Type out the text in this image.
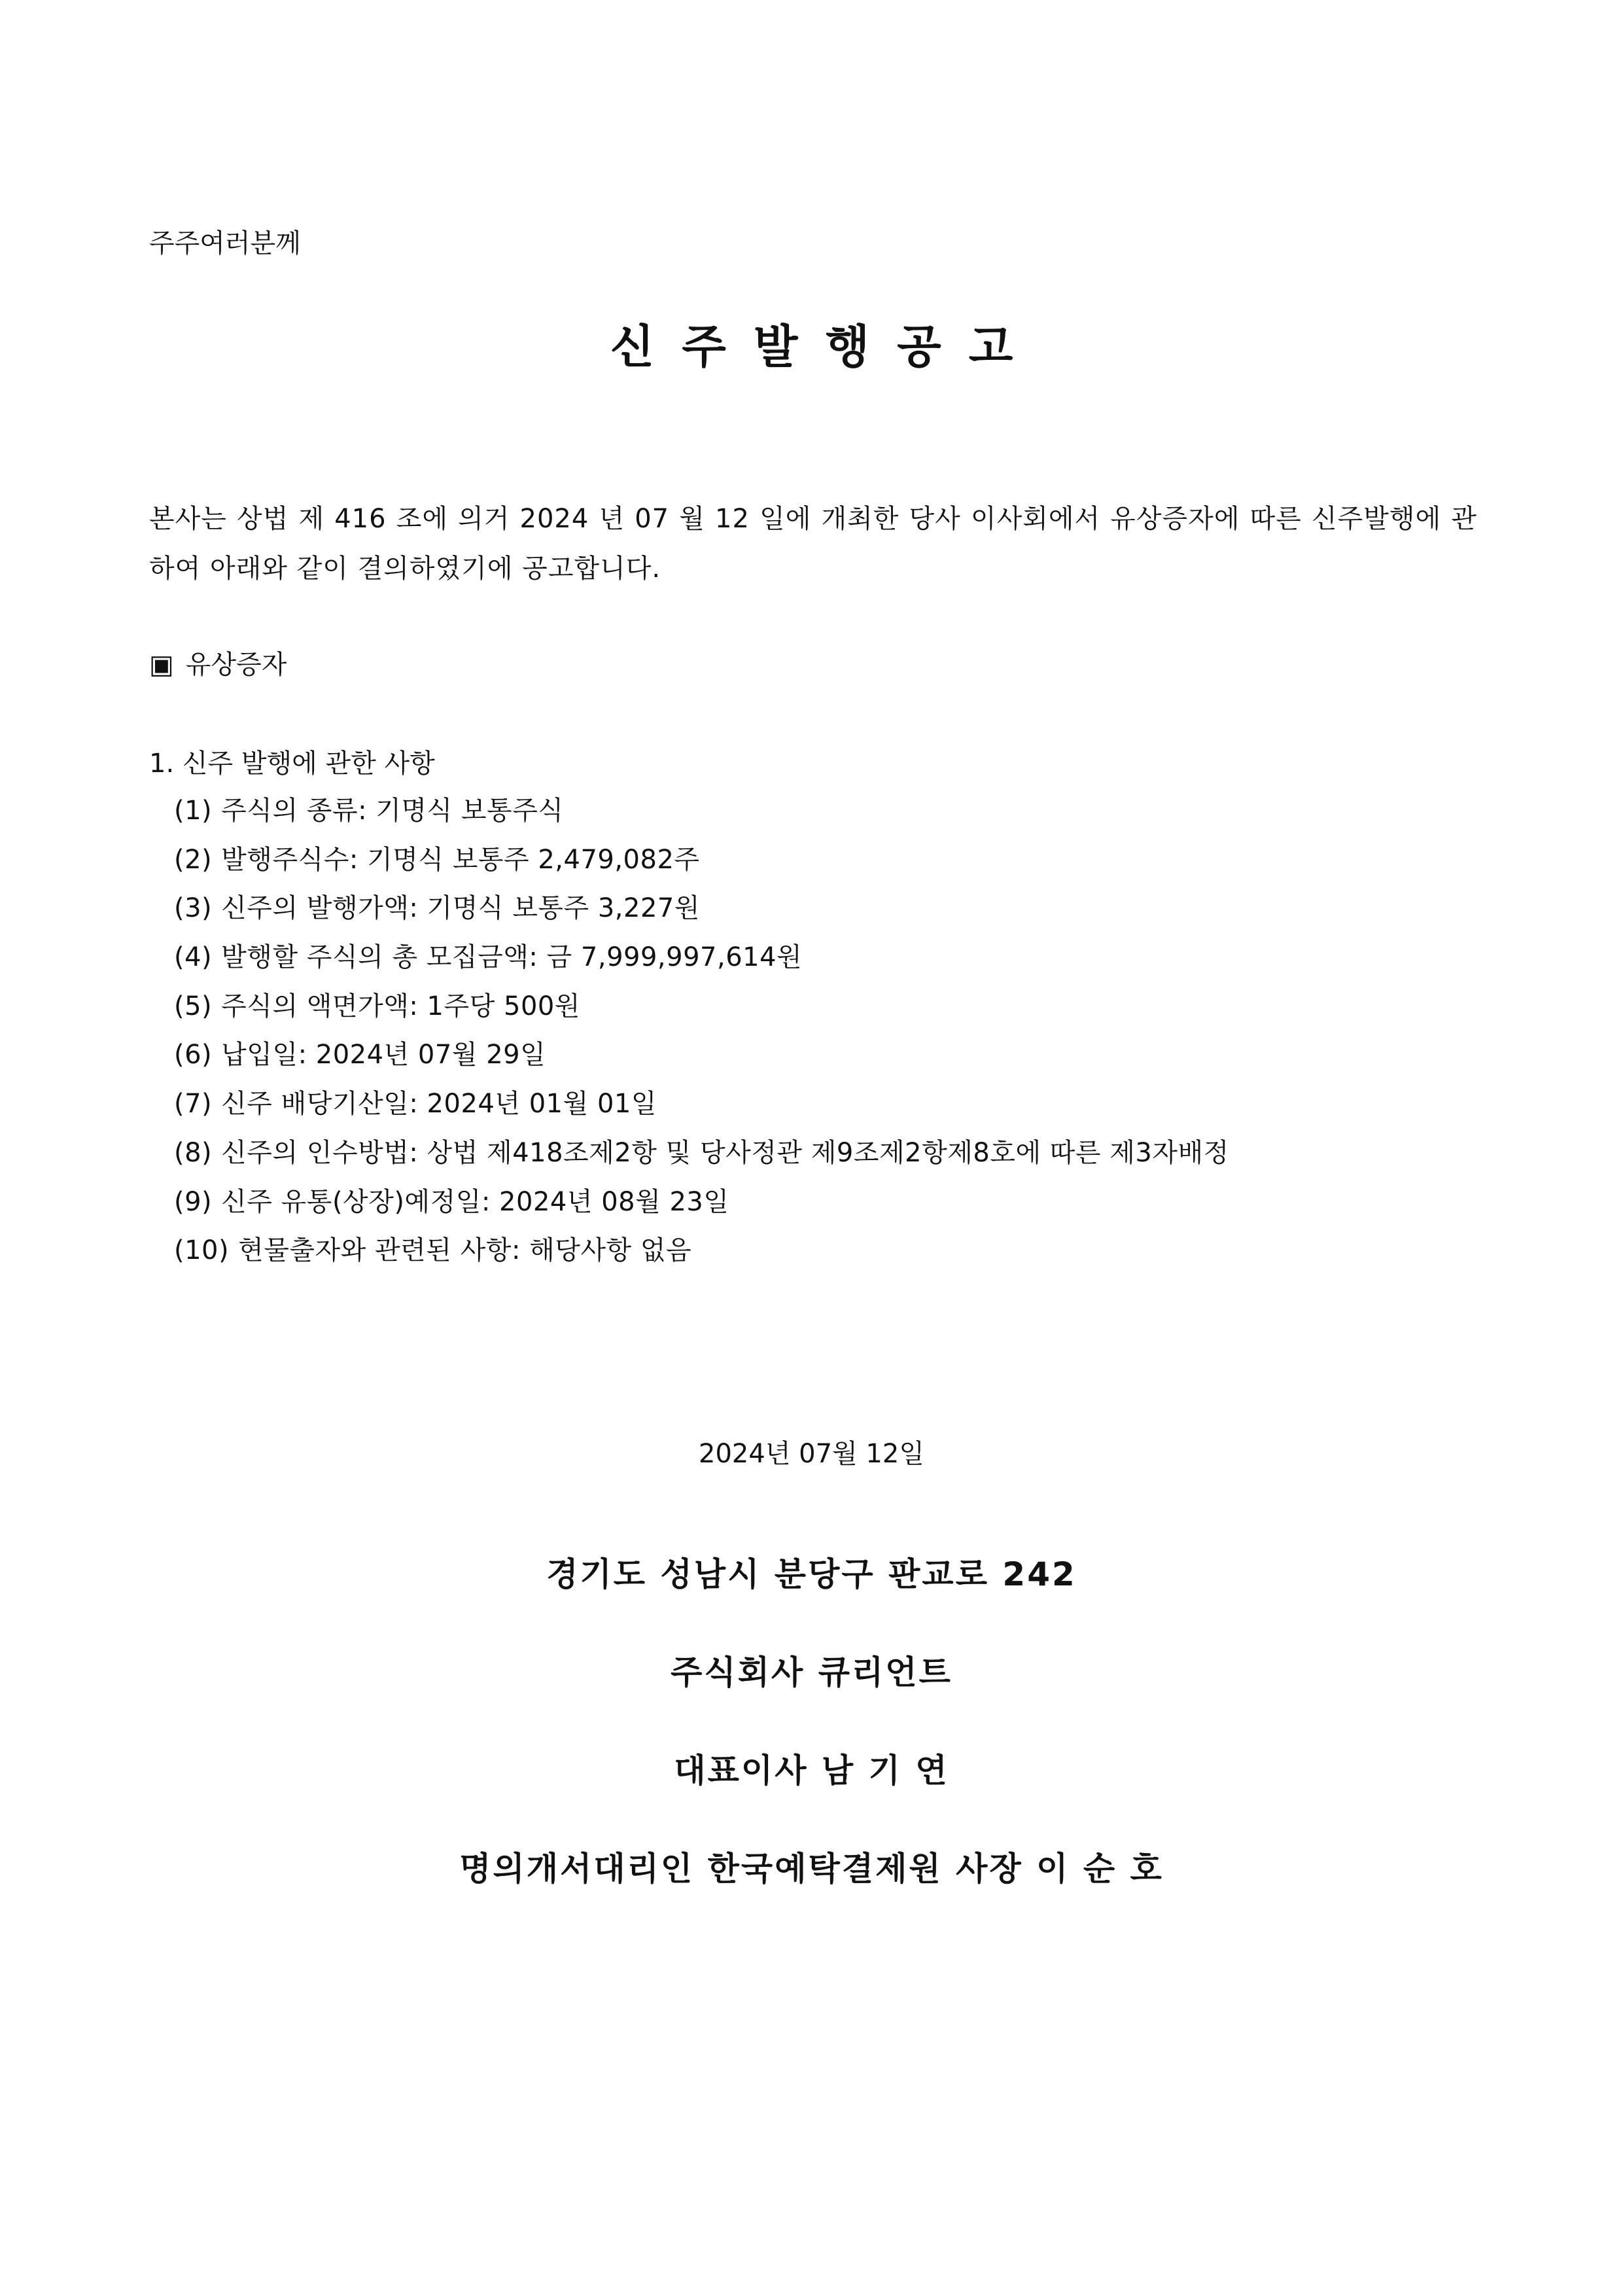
주주여러분께
신주발행공고
본사는 상법 제 416 조에 의거 2024 년 07 월 12 일에 개최한 당사 이사회에서 유상증자에 따른 신주발행에 관하여 아래와 같이 결의하였기에 공고합니다.
▣ 유상증자
1. 신주 발행에 관한 사항
(1) 주식의 종류: 기명식 보통주식
(2) 발행주식수: 기명식 보통주 2,479,082주
(3) 신주의 발행가액: 기명식 보통주 3,227원
(4) 발행할 주식의 총 모집금액: 금 7,999,997,614원
(5) 주식의 액면가액: 1주당 500원
(6) 납입일: 2024년 07월 29일
(7) 신주 배당기산일: 2024년 01월 01일
(8) 신주의 인수방법: 상법 제418조제2항 및 당사정관 제9조제2항제8호에 따른 제3자배정
(9) 신주 유통(상장)예정일: 2024년 08월 23일
(10) 현물출자와 관련된 사항: 해당사항 없음
2024년 07월 12일
경기도 성남시 분당구 판교로 242
주식회사 큐리언트
대표이사 남 기 연
명의개서대리인 한국예탁결제원 사장 이 순 호
